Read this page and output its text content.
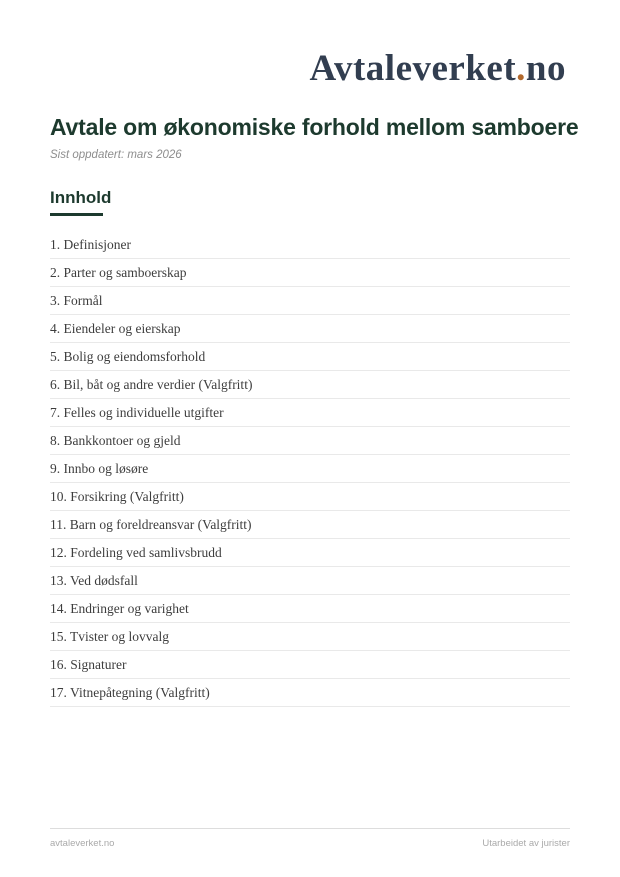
Avtaleverket.no
Avtale om økonomiske forhold mellom samboere
Sist oppdatert: mars 2026
Innhold
1. Definisjoner
2. Parter og samboerskap
3. Formål
4. Eiendeler og eierskap
5. Bolig og eiendomsforhold
6. Bil, båt og andre verdier (Valgfritt)
7. Felles og individuelle utgifter
8. Bankkontoer og gjeld
9. Innbo og løsøre
10. Forsikring (Valgfritt)
11. Barn og foreldreansvar (Valgfritt)
12. Fordeling ved samlivsbrudd
13. Ved dødsfall
14. Endringer og varighet
15. Tvister og lovvalg
16. Signaturer
17. Vitnepåtegning (Valgfritt)
avtaleverket.no	Utarbeidet av jurister
